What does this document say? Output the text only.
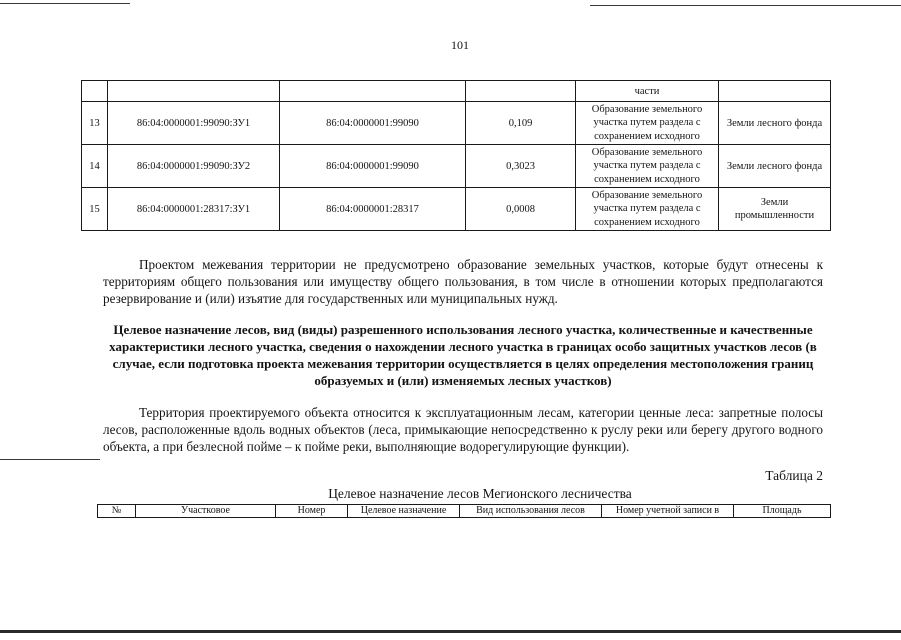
101
				части	
13	86:04:0000001:99090:ЗУ1	86:04:0000001:99090	0,109	Образование земельного участка путем раздела с сохранением исходного	Земли лесного фонда
14	86:04:0000001:99090:ЗУ2	86:04:0000001:99090	0,3023	Образование земельного участка путем раздела с сохранением исходного	Земли лесного фонда
15	86:04:0000001:28317:ЗУ1	86:04:0000001:28317	0,0008	Образование земельного участка путем раздела с сохранением исходного	Земли промышленности

Проектом межевания территории не предусмотрено образование земельных участков, которые будут отнесены к территориям общего пользования или имуществу общего пользования, в том числе в отношении которых предполагаются резервирование и (или) изъятие для государственных или муниципальных нужд.

Целевое назначение лесов, вид (виды) разрешенного использования лесного участка, количественные и качественные характеристики лесного участка, сведения о нахождении лесного участка в границах особо защитных участков лесов (в случае, если подготовка проекта межевания территории осуществляется в целях определения местоположения границ образуемых и (или) изменяемых лесных участков)

Территория проектируемого объекта относится к эксплуатационным лесам, категории ценные леса: запретные полосы лесов, расположенные вдоль водных объектов (леса, примыкающие непосредственно к руслу реки или берегу другого водного объекта, а при безлесной пойме – к пойме реки, выполняющие водорегулирующие функции).

Таблица 2
Целевое назначение лесов Мегионского лесничества
№	Участковое	Номер	Целевое назначение	Вид использования лесов	Номер учетной записи в	Площадь
